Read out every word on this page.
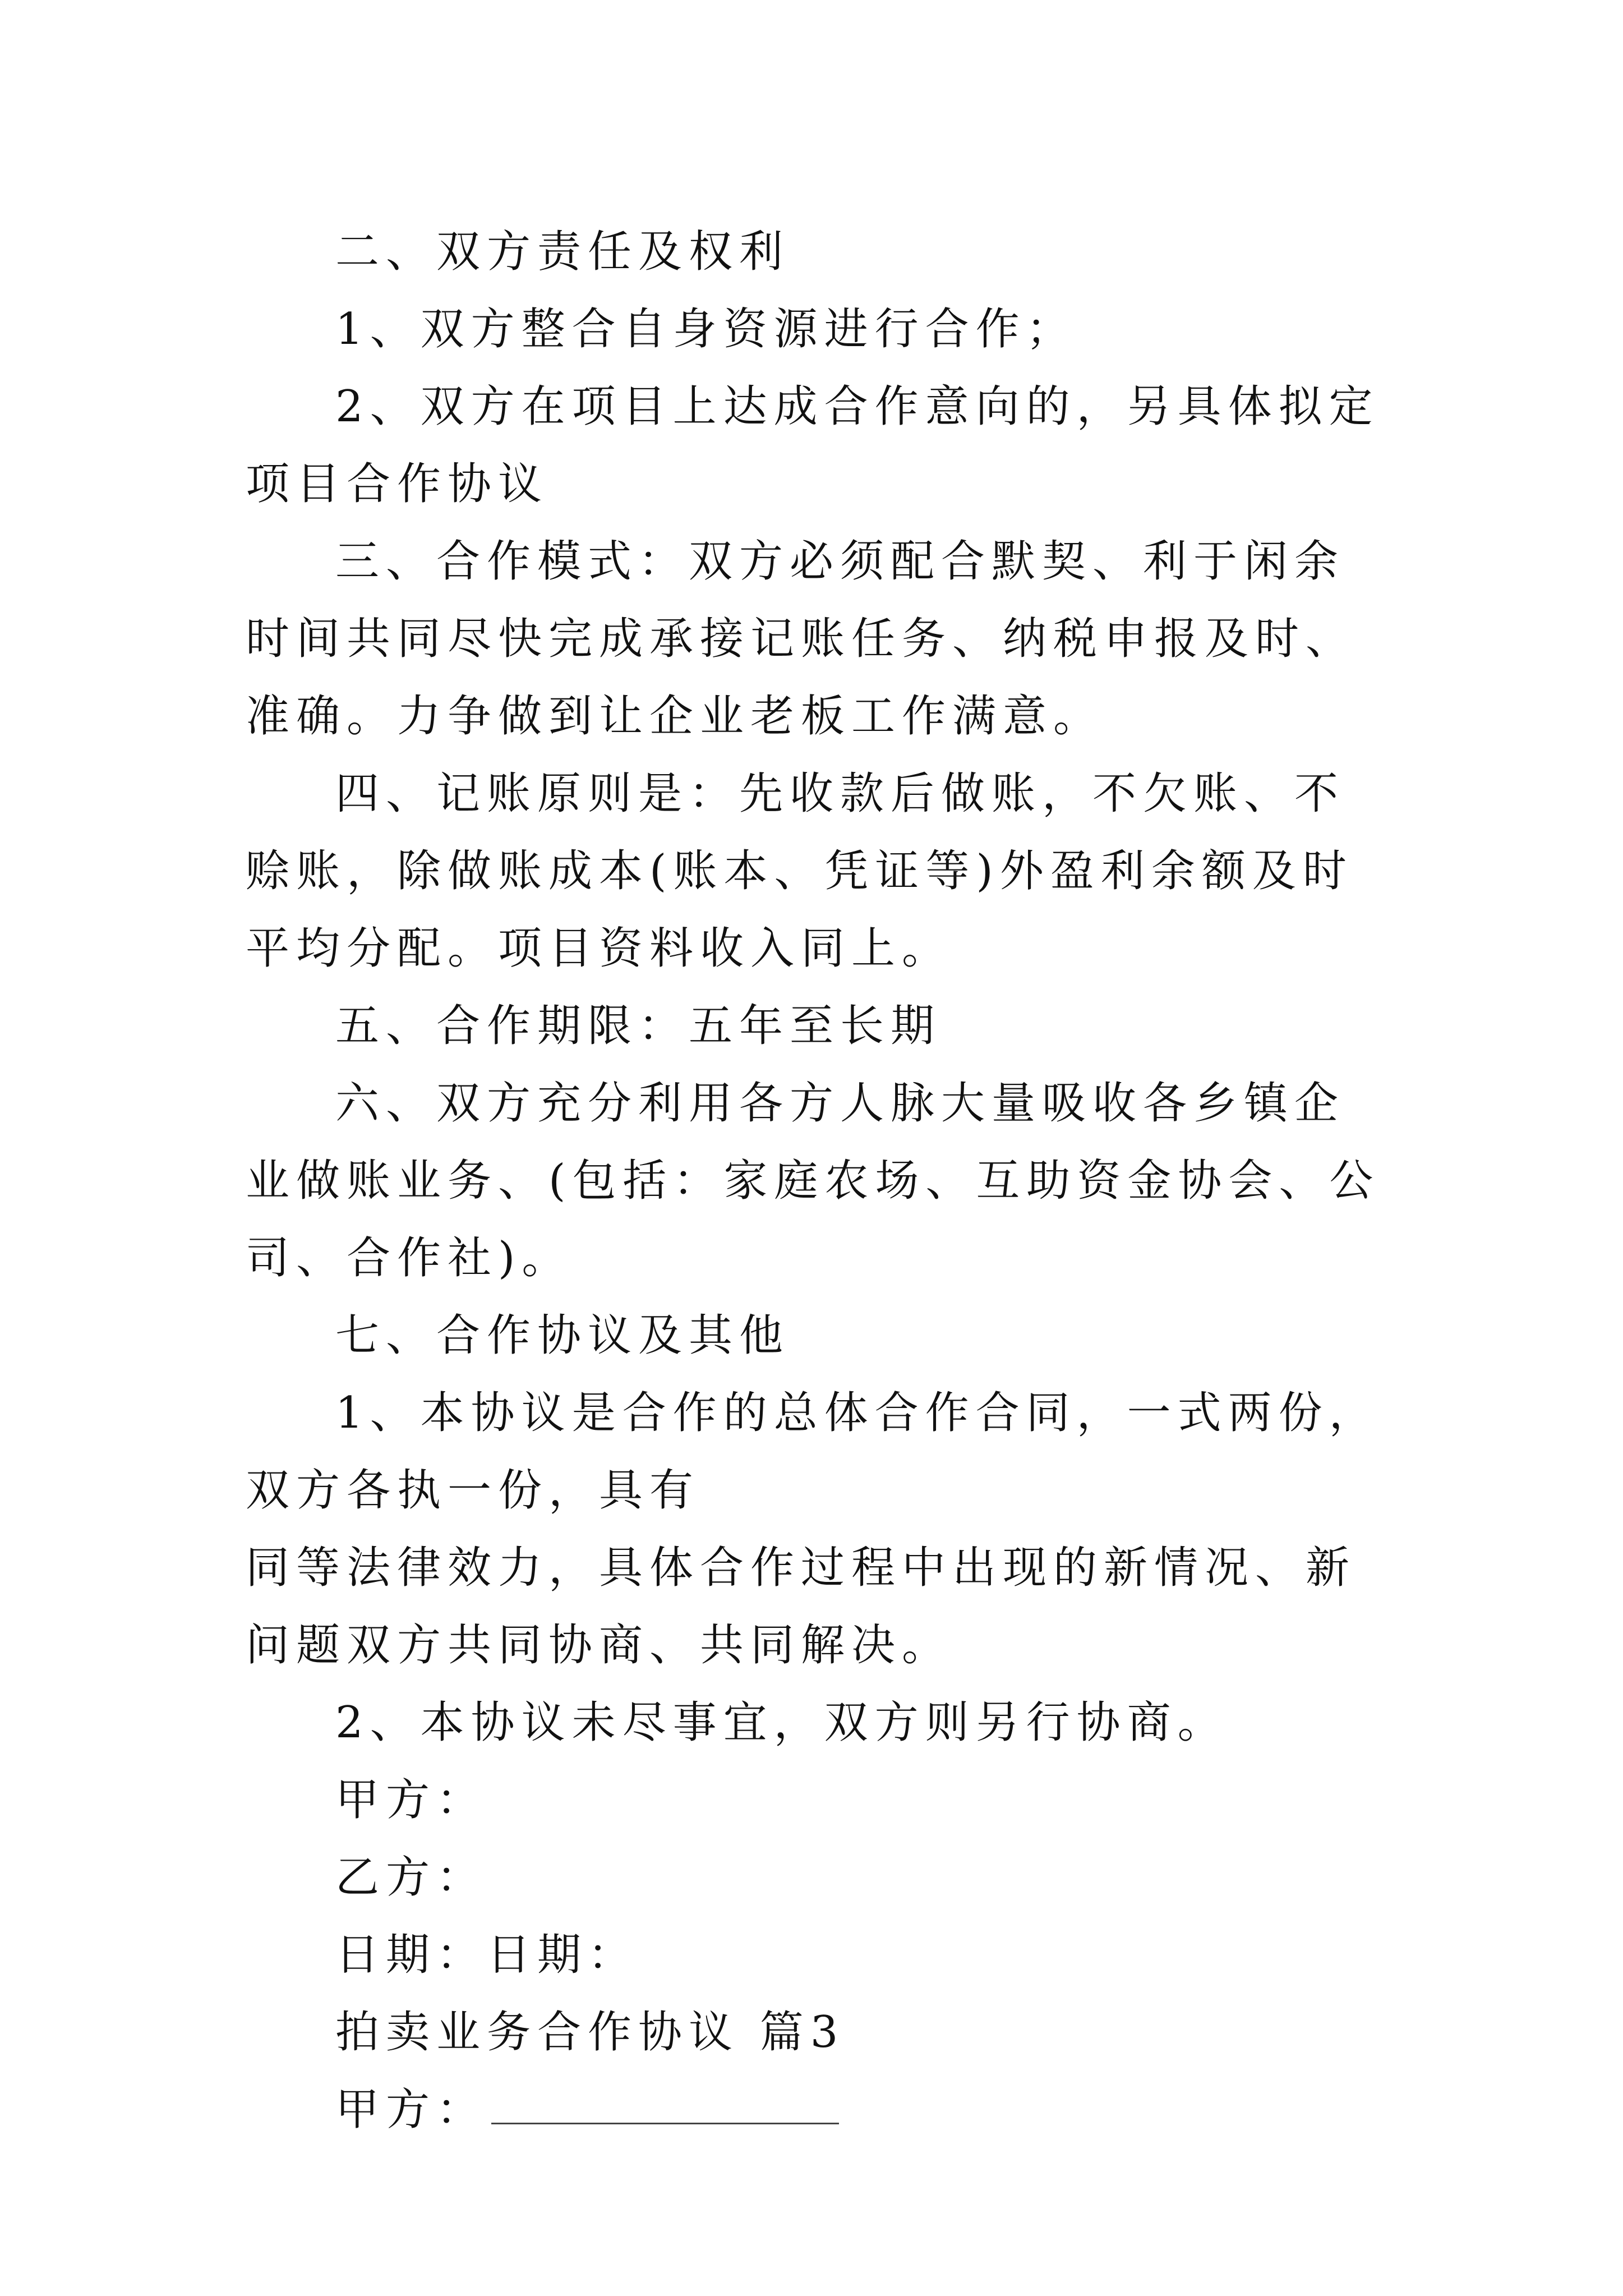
二、双方责任及权利

1、双方整合自身资源进行合作；

2、双方在项目上达成合作意向的，另具体拟定项目合作协议

三、合作模式：双方必须配合默契、利于闲余时间共同尽快完成承接记账任务、纳税申报及时、准确。力争做到让企业老板工作满意。

四、记账原则是：先收款后做账，不欠账、不赊账，除做账成本(账本、凭证等)外盈利余额及时平均分配。项目资料收入同上。

五、合作期限：五年至长期

六、双方充分利用各方人脉大量吸收各乡镇企业做账业务、(包括：家庭农场、互助资金协会、公司、合作社)。

七、合作协议及其他

1、本协议是合作的总体合作合同，一式两份，双方各执一份，具有

同等法律效力，具体合作过程中出现的新情况、新问题双方共同协商、共同解决。

2、本协议未尽事宜，双方则另行协商。

甲方：

乙方：

日期：日期：

拍卖业务合作协议 篇3

甲方：
